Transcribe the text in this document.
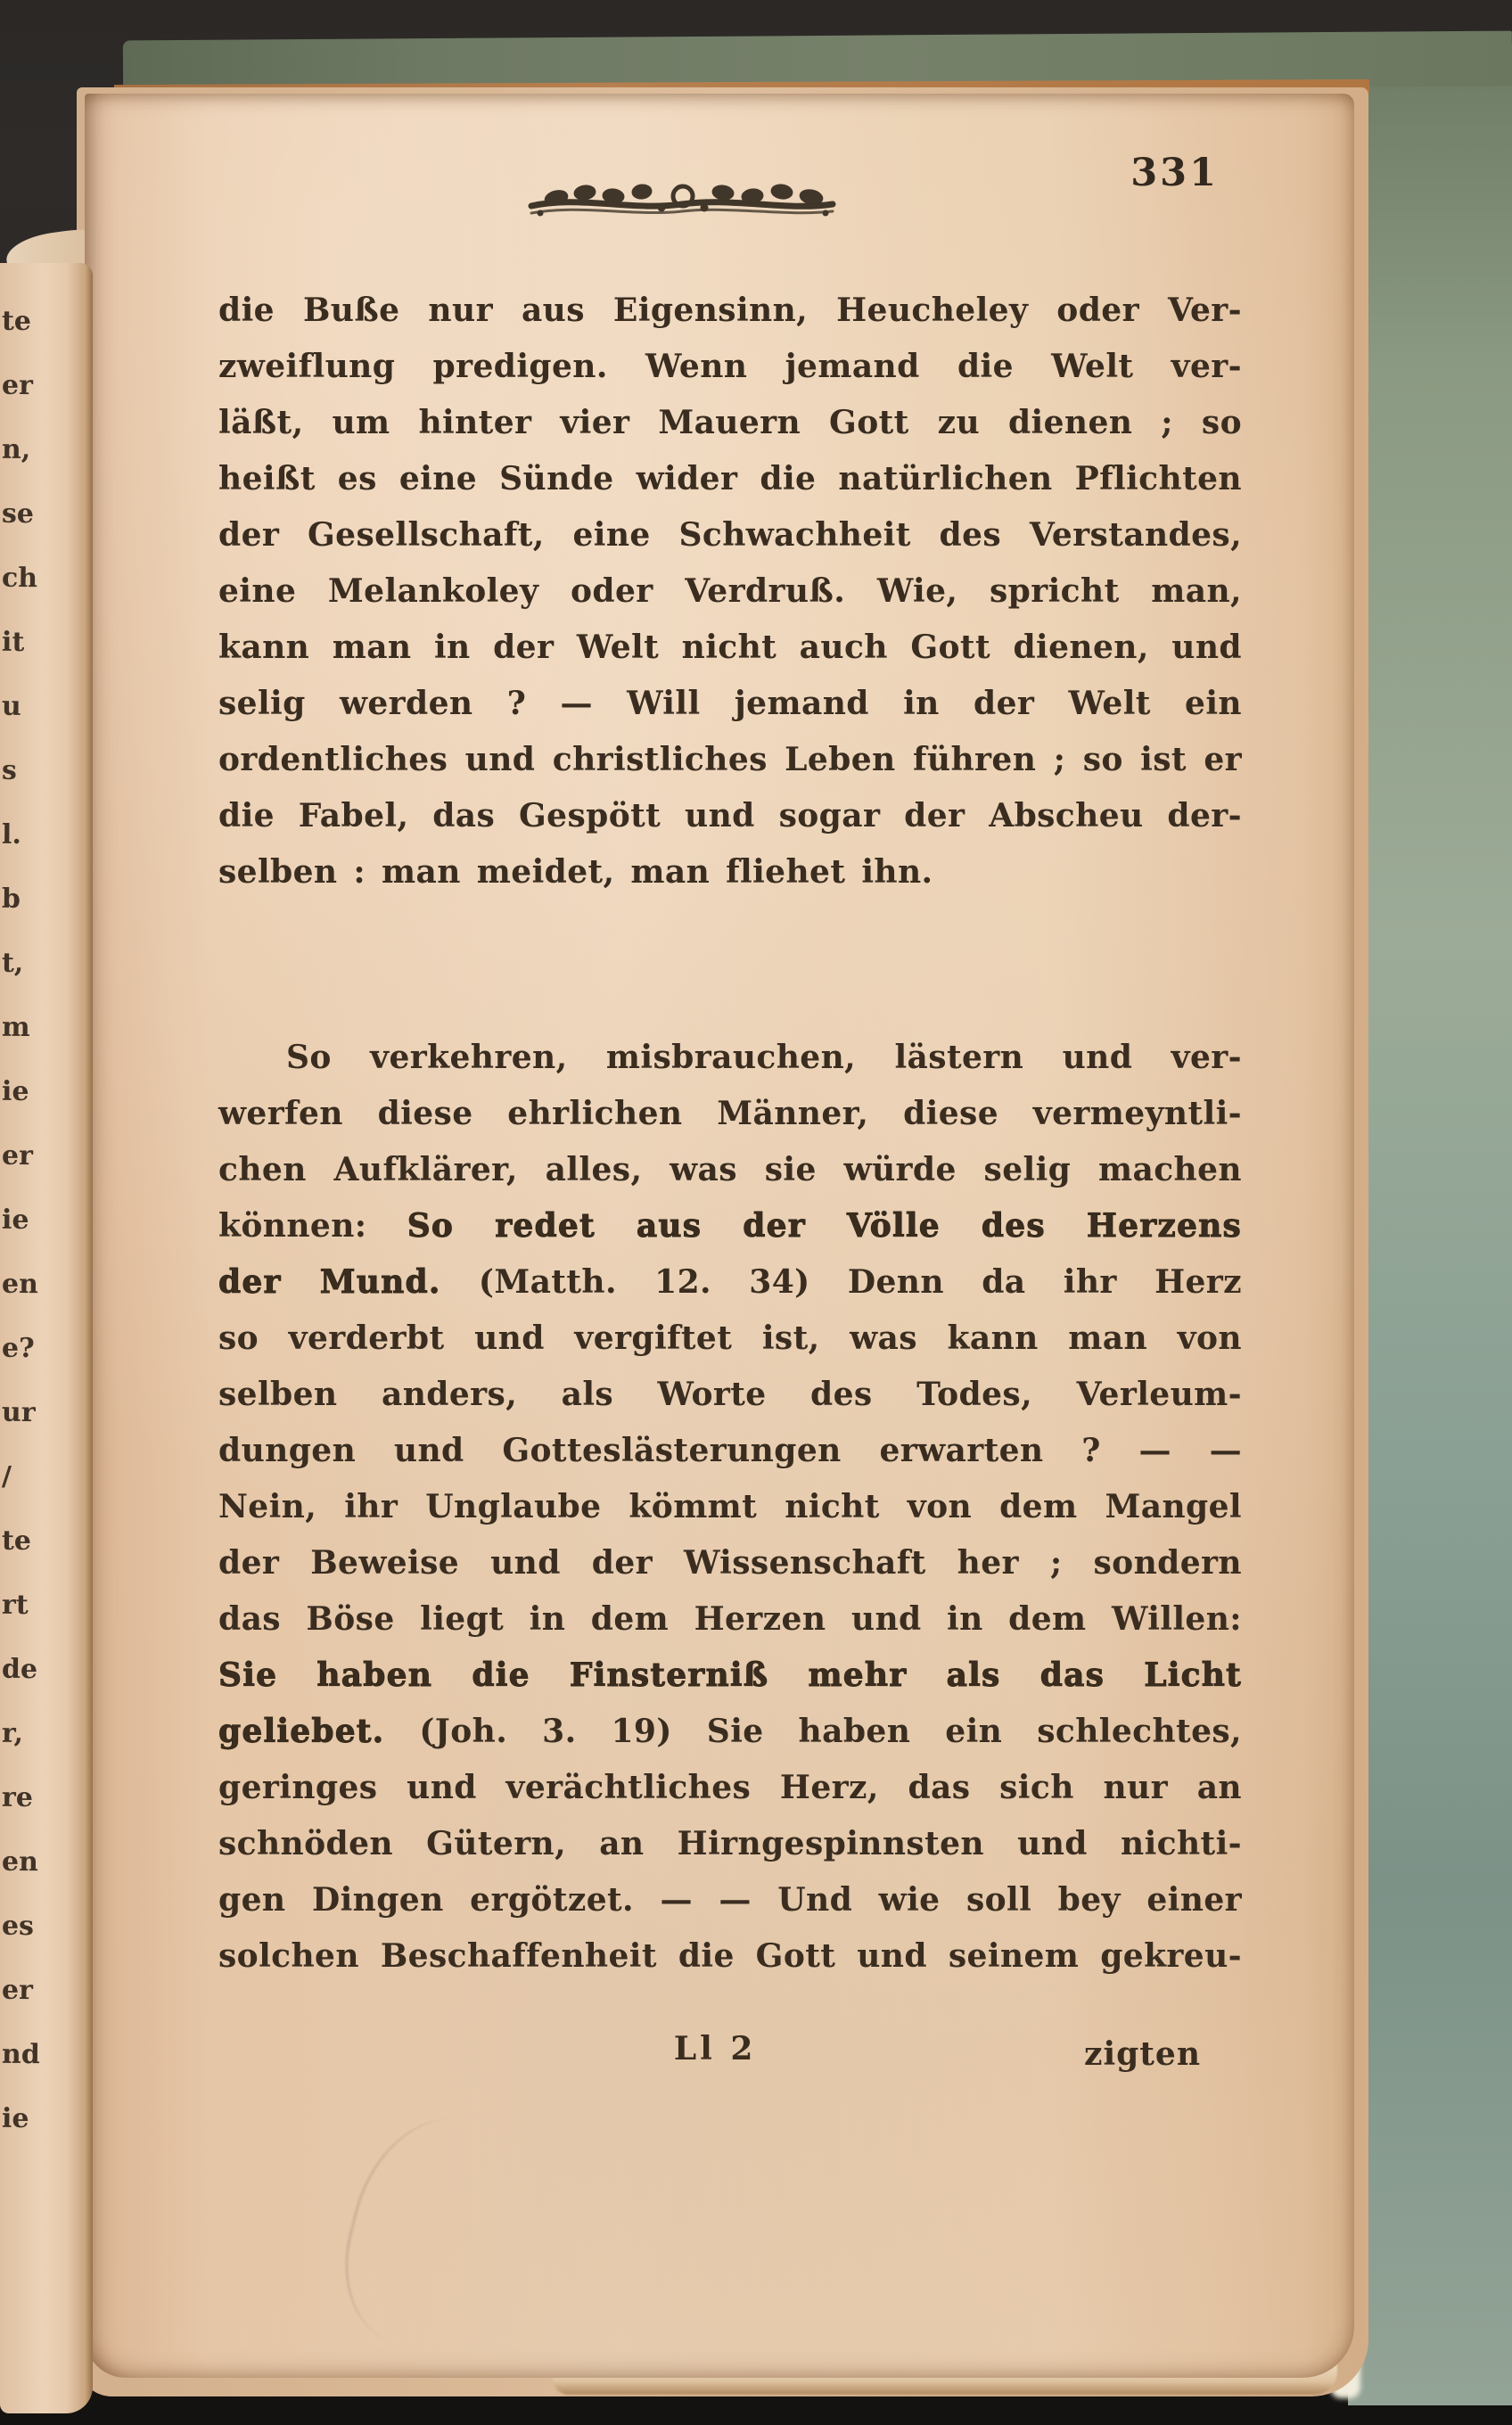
331
die Buße nur aus Eigensinn, Heucheley oder Ver-
zweiflung predigen. Wenn jemand die Welt ver-
läßt, um hinter vier Mauern Gott zu dienen ; so
heißt es eine Sünde wider die natürlichen Pflichten
der Gesellschaft, eine Schwachheit des Verstandes,
eine Melankoley oder Verdruß. Wie, spricht man,
kann man in der Welt nicht auch Gott dienen, und
selig werden ? — Will jemand in der Welt ein
ordentliches und christliches Leben führen ; so ist er
die Fabel, das Gespött und sogar der Abscheu der-
selben : man meidet, man fliehet ihn.
So verkehren, misbrauchen, lästern und ver-
werfen diese ehrlichen Männer, diese vermeyntli-
chen Aufklärer, alles, was sie würde selig machen
können: So redet aus der Völle des Herzens
der Mund. (Matth. 12. 34) Denn da ihr Herz
so verderbt und vergiftet ist, was kann man von
selben anders, als Worte des Todes, Verleum-
dungen und Gotteslästerungen erwarten ? — —
Nein, ihr Unglaube kömmt nicht von dem Mangel
der Beweise und der Wissenschaft her ; sondern
das Böse liegt in dem Herzen und in dem Willen:
Sie haben die Finsterniß mehr als das Licht
geliebet. (Joh. 3. 19) Sie haben ein schlechtes,
geringes und verächtliches Herz, das sich nur an
schnöden Gütern, an Hirngespinnsten und nichti-
gen Dingen ergötzet. — — Und wie soll bey einer
solchen Beschaffenheit die Gott und seinem gekreu-
Ll 2	zigten
te
er
n,
se
ch
it
u
s
l.
b
t,
m
ie
er
ie
en
e?
ur
/
te
rt
de
r,
re
en
es
er
nd
ie
